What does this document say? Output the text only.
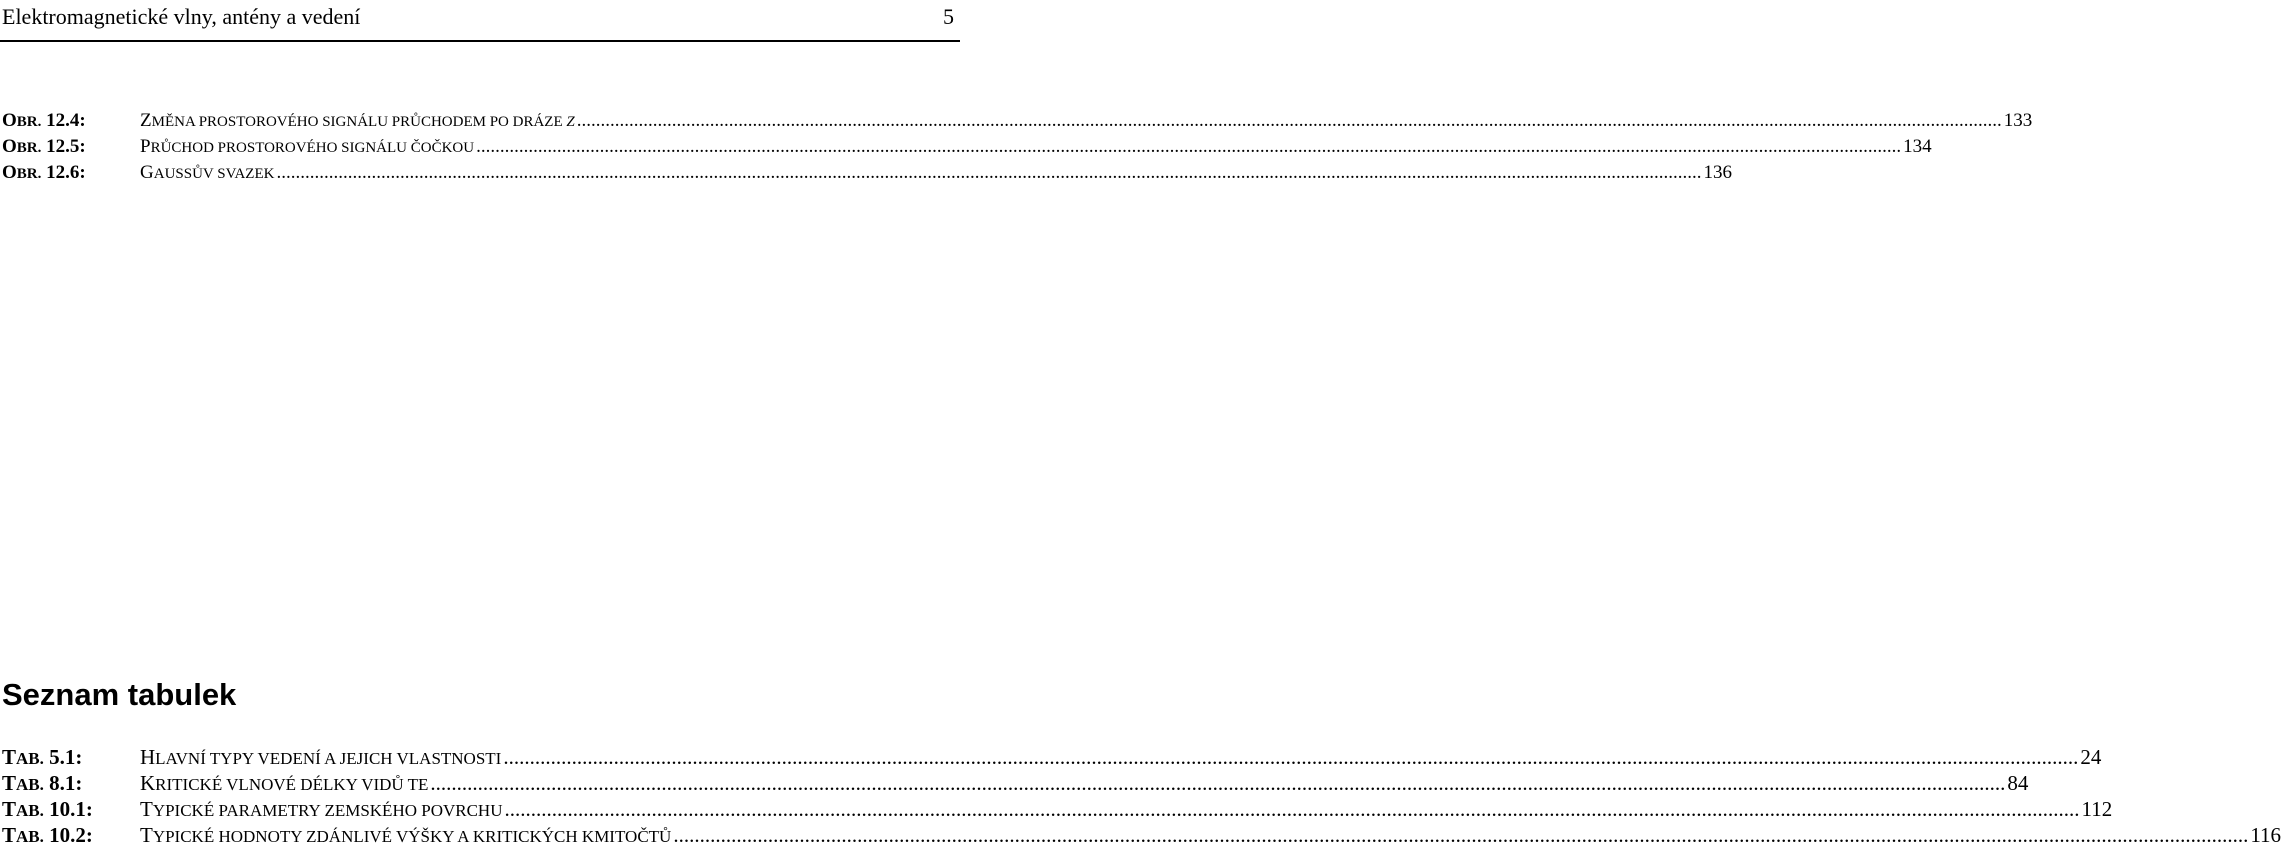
Elektromagnetické vlny, antény a vedení	5
OBR. 12.4:	ZMĚNA PROSTOROVÉHO SIGNÁLU PRŮCHODEM PO DRÁZE Z ............................................................................................................................................................................................................................................................................................................ 133
OBR. 12.5:	PRŮCHOD PROSTOROVÉHO SIGNÁLU ČOČKOU ............................................................................................................................................................................................................................................................................................................ 134
OBR. 12.6:	GAUSSŮV SVAZEK ............................................................................................................................................................................................................................................................................................................ 136
Seznam tabulek
TAB. 5.1:	HLAVNÍ TYPY VEDENÍ A JEJICH VLASTNOSTI ............................................................................................................................................................................................................................................................................................................ 24
TAB. 8.1:	KRITICKÉ VLNOVÉ DÉLKY VIDŮ TE ............................................................................................................................................................................................................................................................................................................ 84
TAB. 10.1: TYPICKÉ PARAMETRY ZEMSKÉHO POVRCHU ............................................................................................................................................................................................................................................................................................................ 112
TAB. 10.2: TYPICKÉ HODNOTY ZDÁNLIVÉ VÝŠKY A KRITICKÝCH KMITOČTŮ ............................................................................................................................................................................................................................................................................................................ 116
